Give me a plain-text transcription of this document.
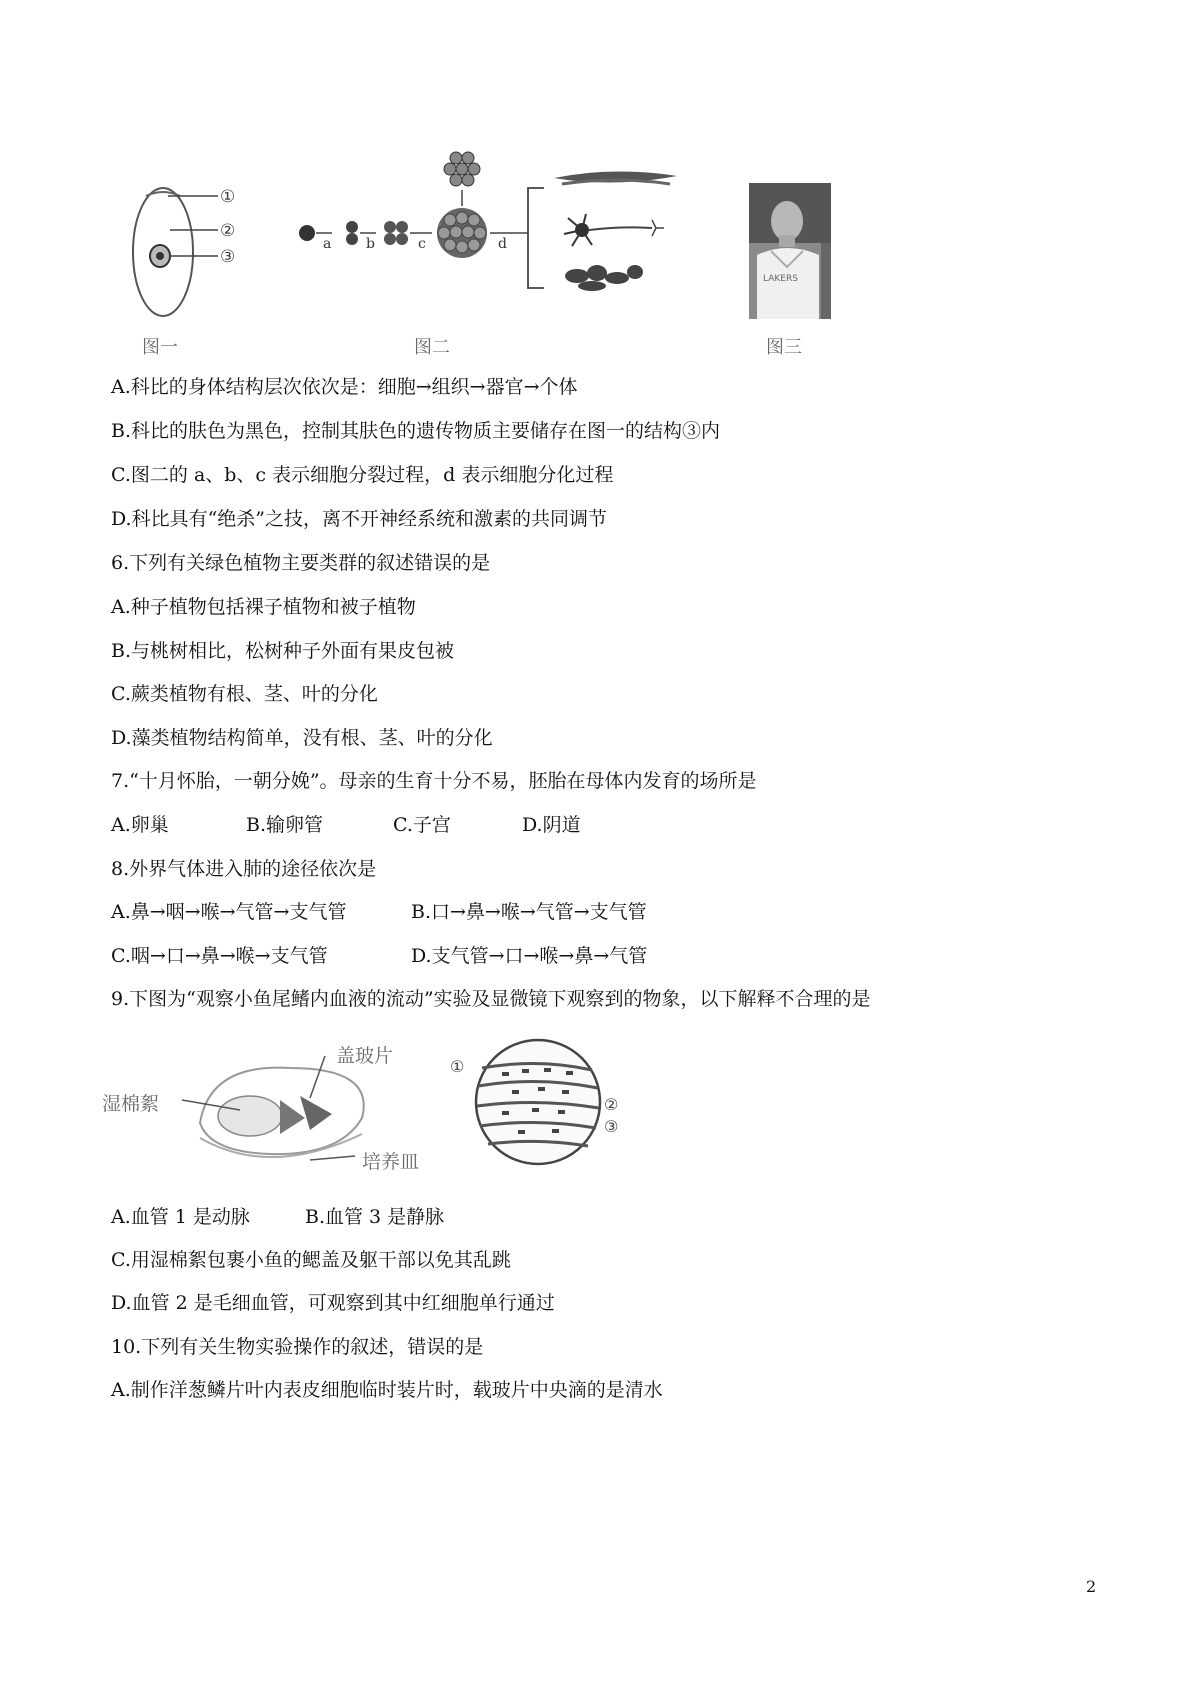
①
②
③
图一
a b	c	d
图二
LAKERS
图三
A.科比的身体结构层次依次是：细胞→组织→器官→个体
B.科比的肤色为黑色，控制其肤色的遗传物质主要储存在图一的结构③内
C.图二的 a、b、c 表示细胞分裂过程，d 表示细胞分化过程
D.科比具有“绝杀”之技，离不开神经系统和激素的共同调节
6.下列有关绿色植物主要类群的叙述错误的是
A.种子植物包括裸子植物和被子植物
B.与桃树相比，松树种子外面有果皮包被
C.蕨类植物有根、茎、叶的分化
D.藻类植物结构简单，没有根、茎、叶的分化
7.“十月怀胎，一朝分娩”。母亲的生育十分不易，胚胎在母体内发育的场所是
A.卵巢	B.输卵管	C.子宫	D.阴道
8.外界气体进入肺的途径依次是
A.鼻→咽→喉→气管→支气管	B.口→鼻→喉→气管→支气管
C.咽→口→鼻→喉→支气管	D.支气管→口→喉→鼻→气管
9.下图为“观察小鱼尾鳍内血液的流动”实验及显微镜下观察到的物象，以下解释不合理的是
湿棉絮
盖玻片
培养皿
①
②
③
A.血管 1 是动脉	B.血管 3 是静脉
C.用湿棉絮包裹小鱼的鳃盖及躯干部以免其乱跳
D.血管 2 是毛细血管，可观察到其中红细胞单行通过
10.下列有关生物实验操作的叙述，错误的是
A.制作洋葱鳞片叶内表皮细胞临时装片时，载玻片中央滴的是清水
2
